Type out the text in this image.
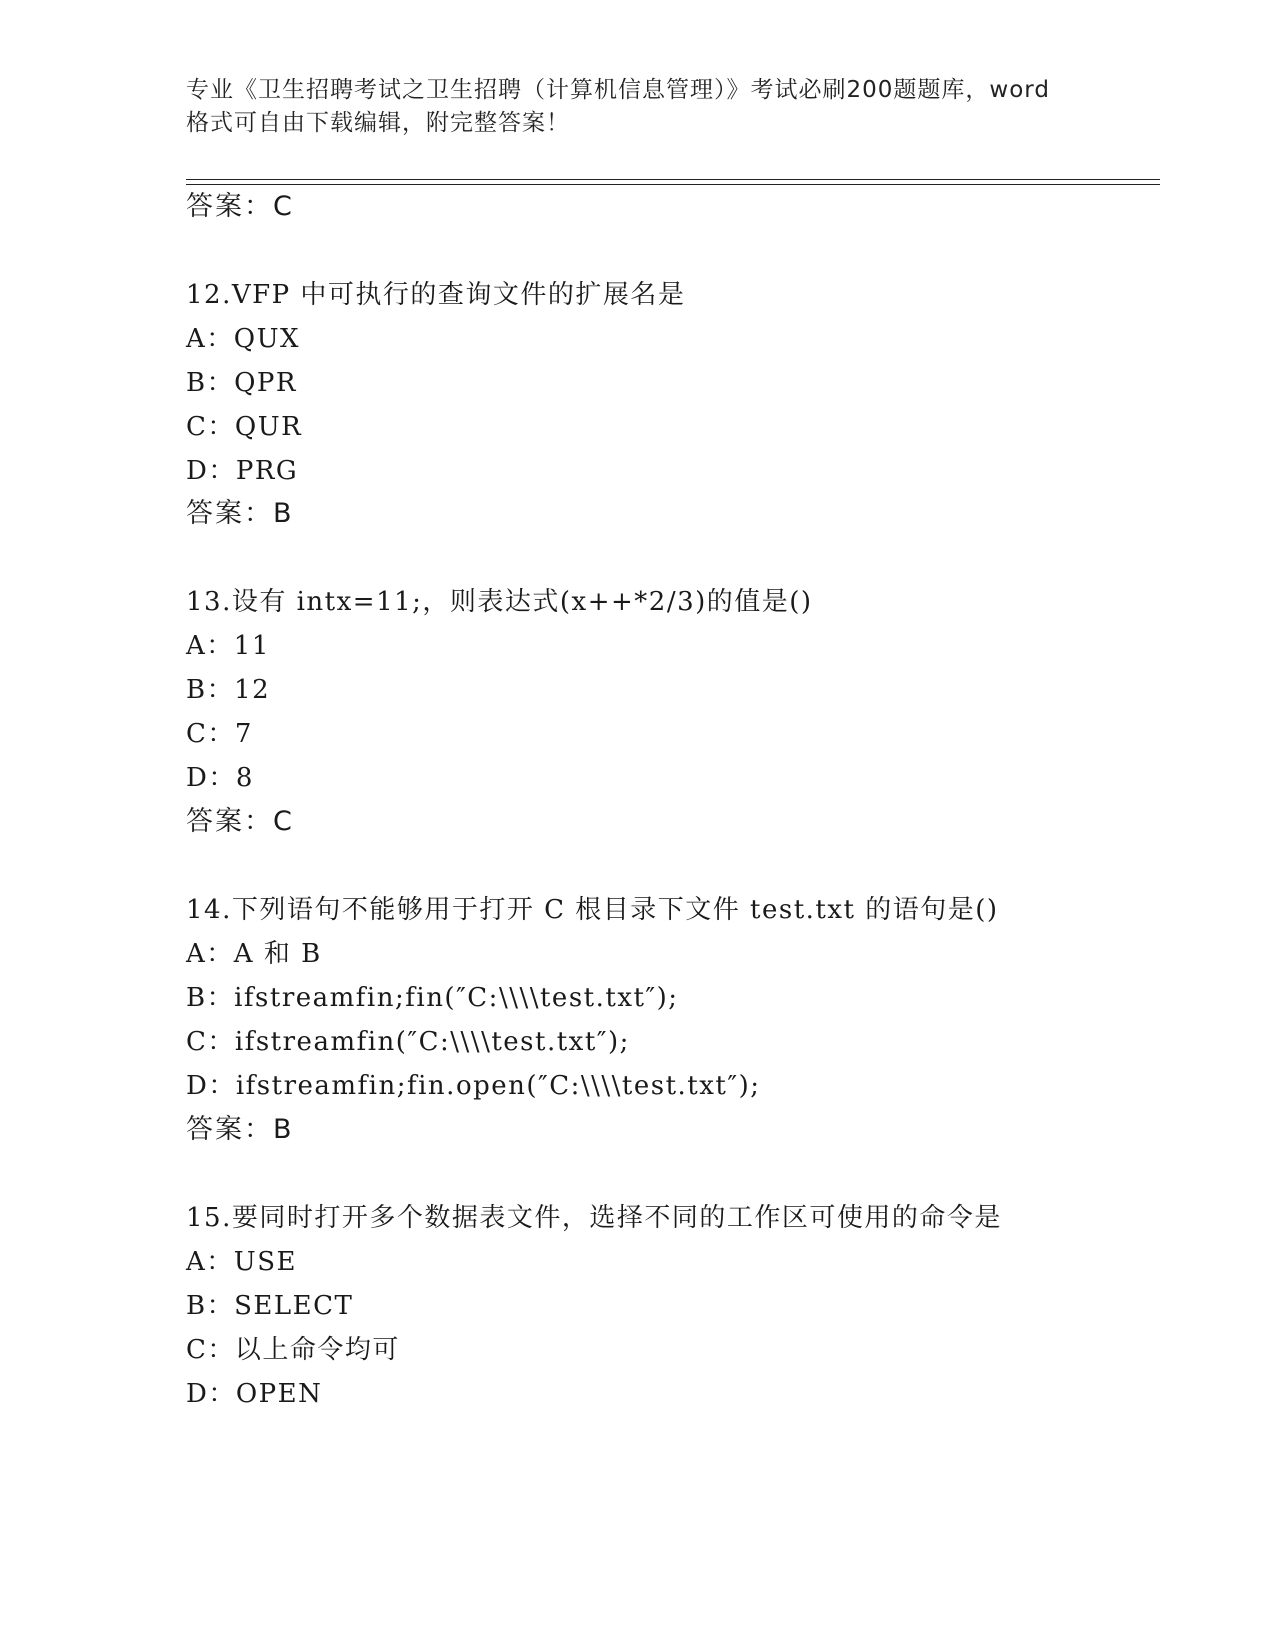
专业《卫生招聘考试之卫生招聘（计算机信息管理）》考试必刷200题题库，word
格式可自由下载编辑，附完整答案！
答案：C
12.VFP 中可执行的查询文件的扩展名是
A：QUX
B：QPR
C：QUR
D：PRG
答案：B
13.设有 intx=11;，则表达式(x++*2/3)的值是()
A：11
B：12
C：7
D：8
答案：C
14.下列语句不能够用于打开 C 根目录下文件 test.txt 的语句是()
A：A 和 B
B：ifstreamfin;fin(″C:\\\\test.txt″);
C：ifstreamfin(″C:\\\\test.txt″);
D：ifstreamfin;fin.open(″C:\\\\test.txt″);
答案：B
15.要同时打开多个数据表文件，选择不同的工作区可使用的命令是
A：USE
B：SELECT
C：以上命令均可
D：OPEN
